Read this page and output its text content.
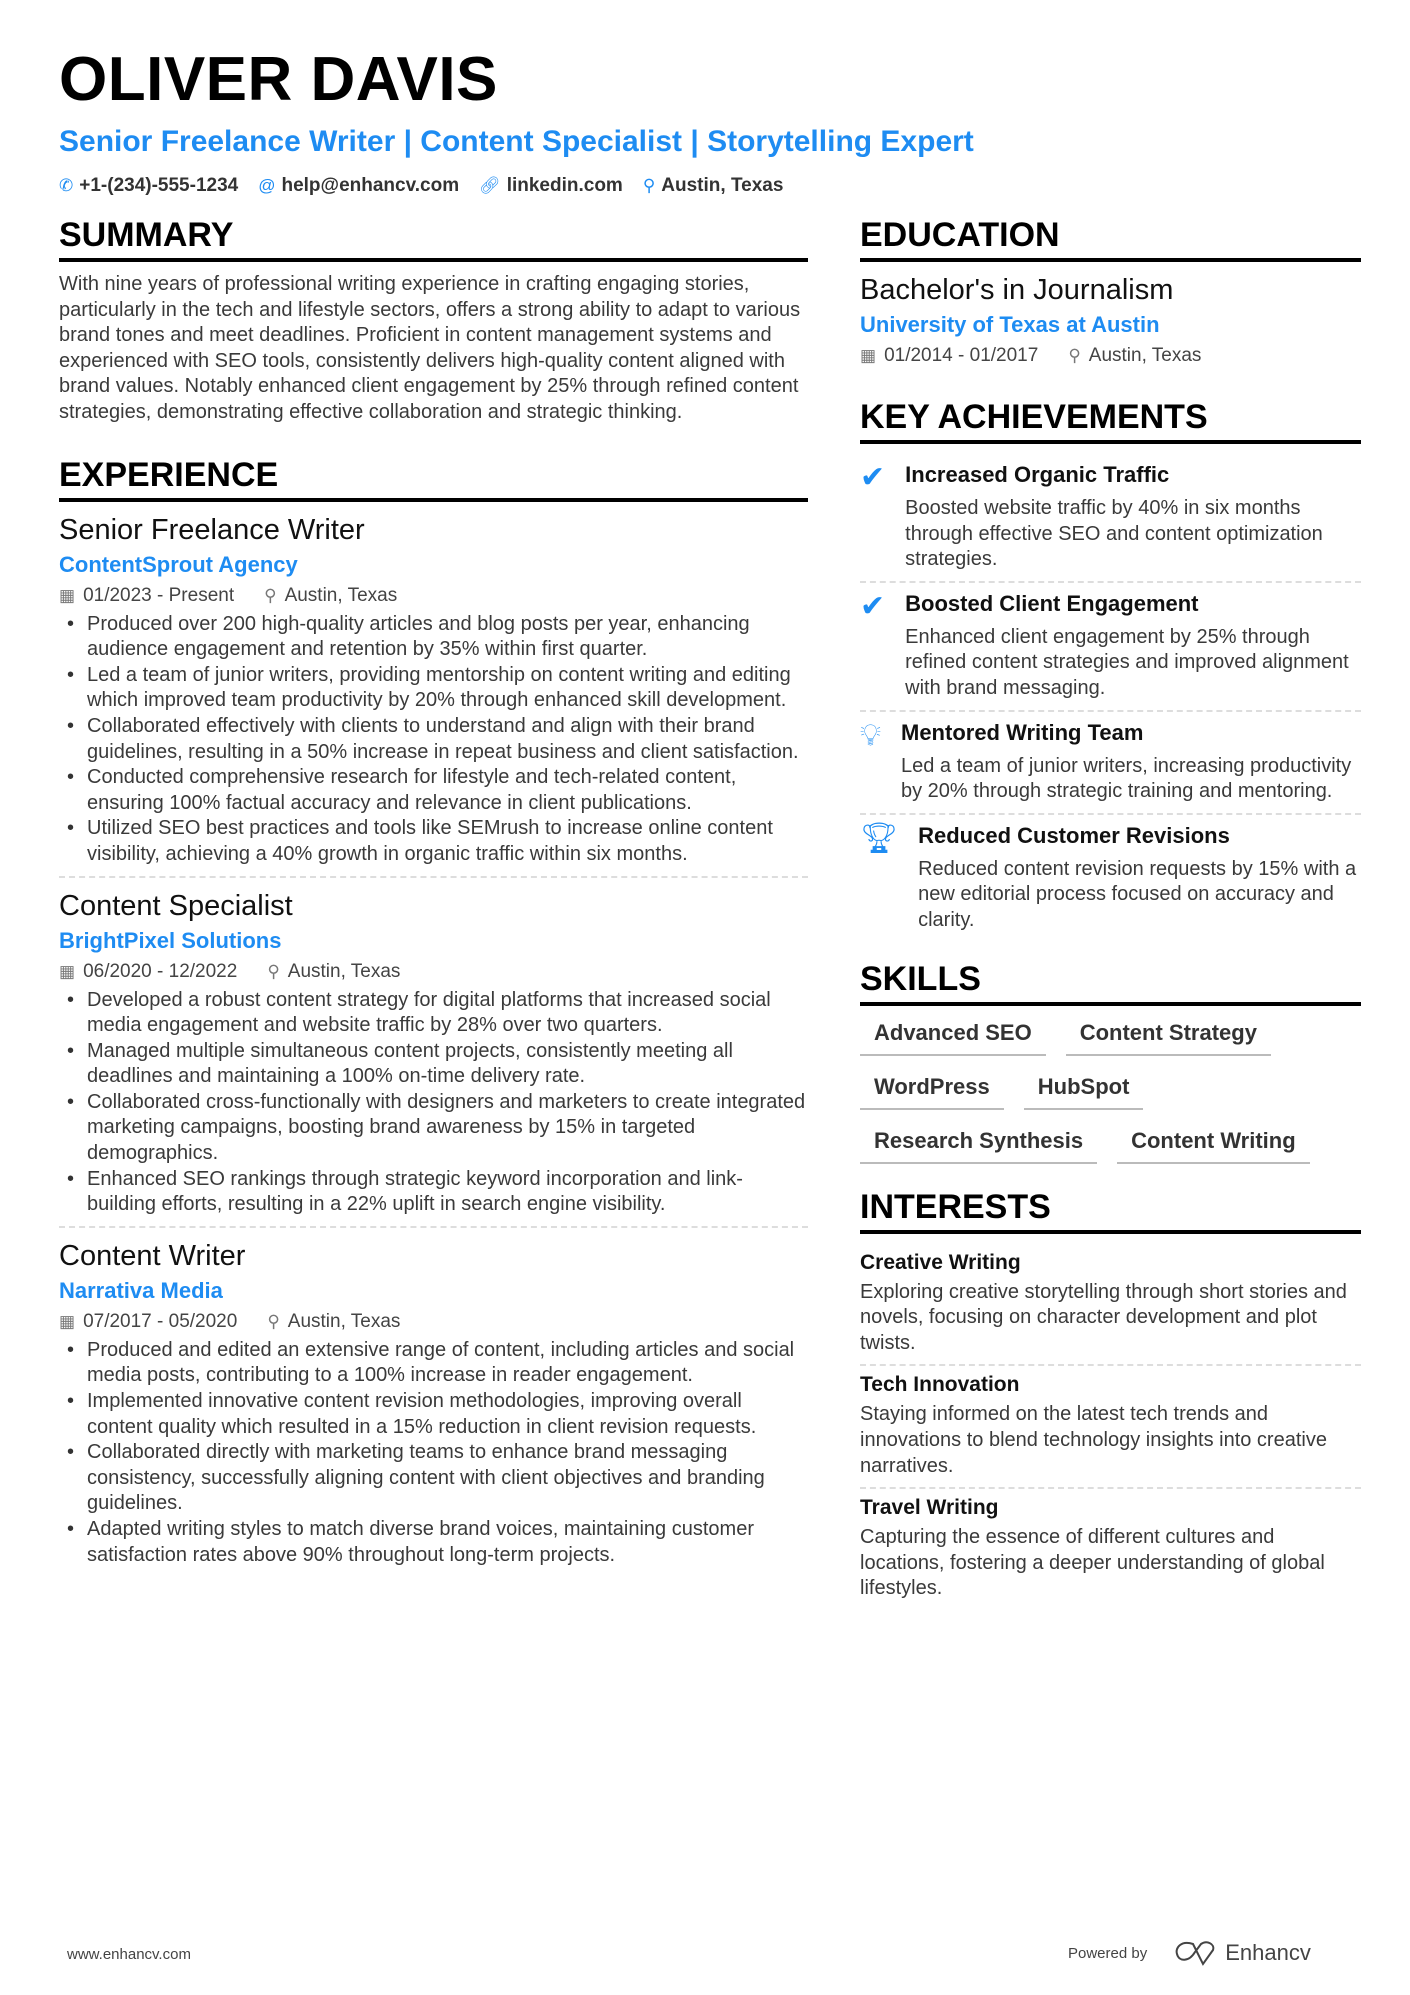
OLIVER DAVIS
Senior Freelance Writer | Content Specialist | Storytelling Expert
✆ +1-(234)-555-1234 @ help@enhancv.com 🔗︎ linkedin.com ⚲ Austin, Texas
SUMMARY

With nine years of professional writing experience in crafting engaging stories, particularly in the tech and lifestyle sectors, offers a strong ability to adapt to various brand tones and meet deadlines. Proficient in content management systems and experienced with SEO tools, consistently delivers high-quality content aligned with brand values. Notably enhanced client engagement by 25% through refined content strategies, demonstrating effective collaboration and strategic thinking.

EXPERIENCE
Senior Freelance Writer
ContentSprout Agency
▦ 01/2023 - Present ⚲ Austin, Texas
• Produced over 200 high-quality articles and blog posts per year, enhancing audience engagement and retention by 35% within first quarter.
• Led a team of junior writers, providing mentorship on content writing and editing which improved team productivity by 20% through enhanced skill development.
• Collaborated effectively with clients to understand and align with their brand guidelines, resulting in a 50% increase in repeat business and client satisfaction.
• Conducted comprehensive research for lifestyle and tech-related content, ensuring 100% factual accuracy and relevance in client publications.
• Utilized SEO best practices and tools like SEMrush to increase online content visibility, achieving a 40% growth in organic traffic within six months.
Content Specialist
BrightPixel Solutions
▦ 06/2020 - 12/2022 ⚲ Austin, Texas
• Developed a robust content strategy for digital platforms that increased social media engagement and website traffic by 28% over two quarters.
• Managed multiple simultaneous content projects, consistently meeting all deadlines and maintaining a 100% on-time delivery rate.
• Collaborated cross-functionally with designers and marketers to create integrated marketing campaigns, boosting brand awareness by 15% in targeted demographics.
• Enhanced SEO rankings through strategic keyword incorporation and link-building efforts, resulting in a 22% uplift in search engine visibility.
Content Writer
Narrativa Media
▦ 07/2017 - 05/2020 ⚲ Austin, Texas
• Produced and edited an extensive range of content, including articles and social media posts, contributing to a 100% increase in reader engagement.
• Implemented innovative content revision methodologies, improving overall content quality which resulted in a 15% reduction in client revision requests.
• Collaborated directly with marketing teams to enhance brand messaging consistency, successfully aligning content with client objectives and branding guidelines.
• Adapted writing styles to match diverse brand voices, maintaining customer satisfaction rates above 90% throughout long-term projects.
EDUCATION
Bachelor's in Journalism
University of Texas at Austin
▦ 01/2014 - 01/2017 ⚲ Austin, Texas
KEY ACHIEVEMENTS
✔ Increased Organic Traffic
Boosted website traffic by 40% in six months through effective SEO and content optimization strategies.
✔ Boosted Client Engagement
Enhanced client engagement by 25% through refined content strategies and improved alignment with brand messaging.
💡︎ Mentored Writing Team
Led a team of junior writers, increasing productivity by 20% through strategic training and mentoring.
🏆︎ Reduced Customer Revisions
Reduced content revision requests by 15% with a new editorial process focused on accuracy and clarity.
SKILLS
Advanced SEO	Content Strategy
WordPress	HubSpot
Research Synthesis	Content Writing
INTERESTS
Creative Writing
Exploring creative storytelling through short stories and novels, focusing on character development and plot twists.
Tech Innovation
Staying informed on the latest tech trends and innovations to blend technology insights into creative narratives.
Travel Writing
Capturing the essence of different cultures and locations, fostering a deeper understanding of global lifestyles.
www.enhancv.com	Powered by	Enhancv
